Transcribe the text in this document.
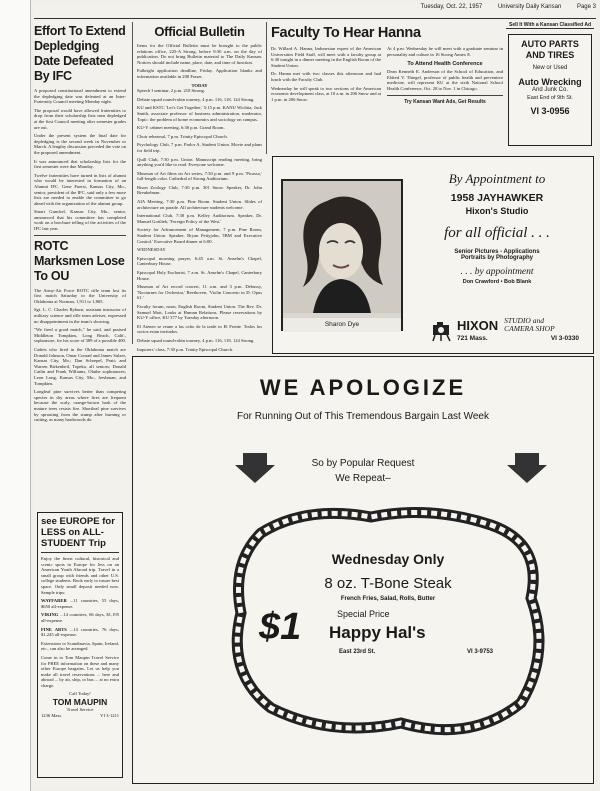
Tuesday, Oct. 22, 1957	University Daily Kansan	Page 3
Effort To Extend Depledging Date Defeated By IFC

A proposed constitutional amendment to extend the depledging date was defeated at an Inter-Fraternity Council meeting Monday night.

The proposal would have allowed fraternities to drop from their scholarship lists men depledged at the first Council meeting after semester grades are out.

Under the present system the final date for depledging is the second week in November or March. A lengthy discussion preceded the vote on the proposed amendment.

It was announced that scholarship lists for the first semester were due Monday.

Twelve fraternities have turned in lists of alumni who would be interested in formation of an Alumni IFC. Gene Fuerst, Kansas City, Mo., senior, president of the IFC, said only a few more lists are needed to enable the committee to go ahead with the organization of the alumni group.

Stuart Gunckel, Kansas City, Mo., senior, announced that his committee has completed work on a brochure telling of the activities of the IFC last year.

ROTC Marksmen Lose To OU

The Army-Air Force ROTC rifle team lost its first match Saturday to the University of Oklahoma at Norman, 1,911 to 1,865.

Sgt. L. C. Charles Ryburn, assistant instructor of military science and rifle team adviser, expressed no disappointment in the team's showing.

"We fired a good match," he said, and praised Middleton Tompkins, Long Beach, Calif., sophomore, for his score of 389 of a possible 400.

Cadets who fired in the Oklahoma match are Donald Johnson, Omar Conrad and James Sulzer, Kansas City, Mo.; Dan Schrepel, Pratt; and Warren Birkenbeil, Topeka, all seniors; Donald Catlin and Frank Williams, Olathe sophomores; Leon Long, Kansas City, Mo., freshman; and Tompkins.

Longleaf pine survives better than competing species in dry areas where fires are frequent because the scaly, orange-brown bark of the mature trees resists fire. Shortleaf pine survives by sprouting from the stump after burning or cutting, as many hardwoods do.

see EUROPE for LESS on ALL-STUDENT Trip

Enjoy the finest cultural, historical and scenic spots in Europe for less on an American Youth Abroad trip. Travel in a small group with friends and other U.S. college students. Book early to insure best space. Only small deposit needed now. Sample trips:

WAYFARER ...11 countries, 55 days, $650 all-expense.

VIKING ...14 countries, 66 days, $1,195 all-expense.

FINE ARTS ...14 countries, 76 days, $1,245 all-expense.

Extensions to Scandinavia, Spain, Ireland, etc., can also be arranged.

Come in to Tom Maupin Travel Service for FREE information on these and many other Europe bargains. Let us help you make all travel reservations ... here and abroad ... by air, ship, or bus ... at no extra charge.

Call Today!
TOM MAUPIN
Travel Service
1236 Mass.	VI 3-1211
Official Bulletin

Items for the Official Bulletin must be brought to the public relations office, 225-A Strong, before 9:30 a.m. on the day of publication. Do not bring Bulletin material to The Daily Kansan. Notices should include name, place, date, and time of function.

Fulbright application deadline, Friday. Application blanks and information available in 208 Fraser.

TODAY

Speech I seminar, 2 p.m. 218 Strong.

Debate squad round-robin tourney, 4 p.m. 116, 118, 124 Strong.

KU and KSTC 'Let's Get Together,' 5:15 p.m. KANU Wichita, Jack Smith, associate professor of business administration, moderator, Topic: the problem of home economics and sociology on campus.

KU-Y cabinet meeting, 6:30 p.m. Grand Room.

Choir rehearsal, 7 p.m. Trinity Episcopal Church.

Psychology Club, 7 p.m. Parlor A, Student Union. Movie and plans for field trip.

Quill Club, 7:30 p.m. Union. Manuscript reading meeting, bring anything you'd like to read. Everyone welcome.

Museum of Art films on Art series, 7:30 p.m. and 9 p.m. 'Picasso,' full-length color. Cathedral of Strong Auditorium.

Bison Zoology Club, 7:30 p.m. 301 Snow. Speaker, Dr. John Breukelman.

AIA Meeting, 7:30 p.m. Pine Room. Student Union. Slides of architecture on parade. All architecture students welcome.

International Club, 7:30 p.m. Kelley Auditorium. Speaker, Dr. Manuel Gottlieb, 'Foreign Policy of the West.'

Society for Advancement of Management, 7 p.m. Pine Room, Student Union. Speaker, Bryan Pettyjohn, 'IBM and Executive Control.' Executive Board dinner at 6:00.

WEDNESDAY

Episcopal morning prayer, 6:45 a.m. St. Anselm's Chapel, Canterbury House.

Episcopal Holy Eucharist, 7 a.m. St. Anselm's Chapel, Canterbury House.

Museum of Art record concert, 11 a.m. and 3 p.m. Debussy, 'Nocturnes for Orchestra,' Beethoven, 'Violin Concerto in D. Opus 61.'

Faculty forum, noon, English Room, Student Union. The Rev. Dr. Samuel Mott, Looks at Human Relations. Please reservations by KU-Y office, KU 377 by Tuesday afternoon.

El Ateneo se reune a las ocho de la tarde in El Frente. Todos los socios estan invitados.

Debate squad round-robin tourney, 4 p.m. 116, 118, 124 Strong.

Inquirers' class, 7:30 p.m. Trinity Episcopal Church.

Faculty To Hear Hanna

Dr. Willard A. Hanna, Indonesian expert of the American Universities Field Staff, will meet with a faculty group at 6:30 tonight in a dinner meeting in the English Room of the Student Union.

Dr. Hanna met with two classes this afternoon and had lunch with the Faculty Club.

Wednesday he will speak to two sections of the American economic development class, at 10 a.m. in 206 Snow and at 1 p.m. in 206 Snow.

At 4 p.m. Wednesday he will meet with a graduate seminar in personality and culture in 16 Strong Annex E.

To Attend Health Conference

Dean Kenneth E. Anderson of the School of Education, and Eldred V. Thiegel, professor of public health and preventive medicine, will represent KU at the sixth National School Health Conference, Oct. 28 to Nov. 1 in Chicago.

Try Kansan Want Ads, Get Results
Sell It With a Kansan Classified Ad
AUTO PARTS AND TIRES
New or Used
Auto Wrecking
And Junk Co.
East End of 9th St.
VI 3-0956
Sharon Dye
By Appointment to
1958 JAYHAWKER
Hixon's Studio
for all official . . .
Senior Pictures - Applications
Portraits by Photography
. . . by appointment
Don Crawford • Bob Blank
HIXON STUDIO and
CAMERA SHOP
721 Mass.	VI 3-0330
WE APOLOGIZE
For Running Out of This Tremendous Bargain Last Week
So by Popular Request
We Repeat–
Wednesday Only
8 oz. T-Bone Steak
French Fries, Salad, Rolls, Butter
$1	Special Price
Happy Hal's
East 23rd St.	VI 3-9753
